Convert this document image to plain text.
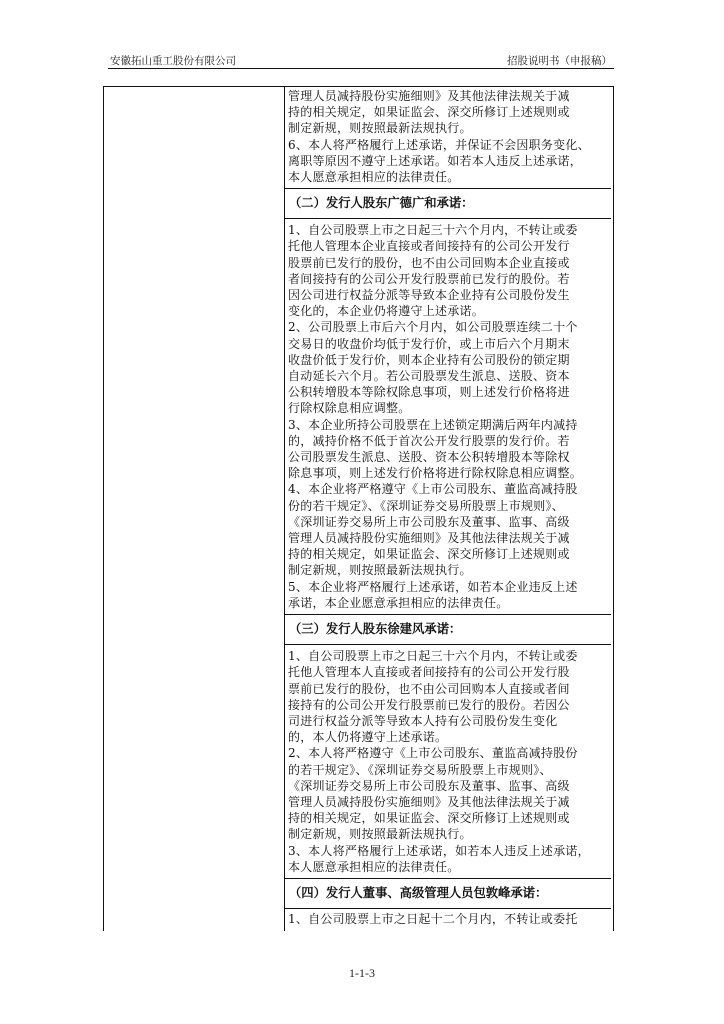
安徽拓山重工股份有限公司	招股说明书（申报稿）

管理人员减持股份实施细则》及其他法律法规关于减
持的相关规定，如果证监会、深交所修订上述规则或
制定新规，则按照最新法规执行。
6、本人将严格履行上述承诺，并保证不会因职务变化、
离职等原因不遵守上述承诺。如若本人违反上述承诺，
本人愿意承担相应的法律责任。

（二）发行人股东广德广和承诺：

1、自公司股票上市之日起三十六个月内，不转让或委
托他人管理本企业直接或者间接持有的公司公开发行
股票前已发行的股份，也不由公司回购本企业直接或
者间接持有的公司公开发行股票前已发行的股份。若
因公司进行权益分派等导致本企业持有公司股份发生
变化的，本企业仍将遵守上述承诺。
2、公司股票上市后六个月内，如公司股票连续二十个
交易日的收盘价均低于发行价，或上市后六个月期末
收盘价低于发行价，则本企业持有公司股份的锁定期
自动延长六个月。若公司股票发生派息、送股、资本
公积转增股本等除权除息事项，则上述发行价格将进
行除权除息相应调整。
3、本企业所持公司股票在上述锁定期满后两年内减持
的，减持价格不低于首次公开发行股票的发行价。若
公司股票发生派息、送股、资本公积转增股本等除权
除息事项，则上述发行价格将进行除权除息相应调整。
4、本企业将严格遵守《上市公司股东、董监高减持股
份的若干规定》、《深圳证券交易所股票上市规则》、
《深圳证券交易所上市公司股东及董事、监事、高级
管理人员减持股份实施细则》及其他法律法规关于减
持的相关规定，如果证监会、深交所修订上述规则或
制定新规，则按照最新法规执行。
5、本企业将严格履行上述承诺，如若本企业违反上述
承诺，本企业愿意承担相应的法律责任。

（三）发行人股东徐建风承诺：

1、自公司股票上市之日起三十六个月内，不转让或委
托他人管理本人直接或者间接持有的公司公开发行股
票前已发行的股份，也不由公司回购本人直接或者间
接持有的公司公开发行股票前已发行的股份。若因公
司进行权益分派等导致本人持有公司股份发生变化
的，本人仍将遵守上述承诺。
2、本人将严格遵守《上市公司股东、董监高减持股份
的若干规定》、《深圳证券交易所股票上市规则》、
《深圳证券交易所上市公司股东及董事、监事、高级
管理人员减持股份实施细则》及其他法律法规关于减
持的相关规定，如果证监会、深交所修订上述规则或
制定新规，则按照最新法规执行。
3、本人将严格履行上述承诺，如若本人违反上述承诺，
本人愿意承担相应的法律责任。

（四）发行人董事、高级管理人员包敦峰承诺：

1、自公司股票上市之日起十二个月内，不转让或委托

1-1-3
